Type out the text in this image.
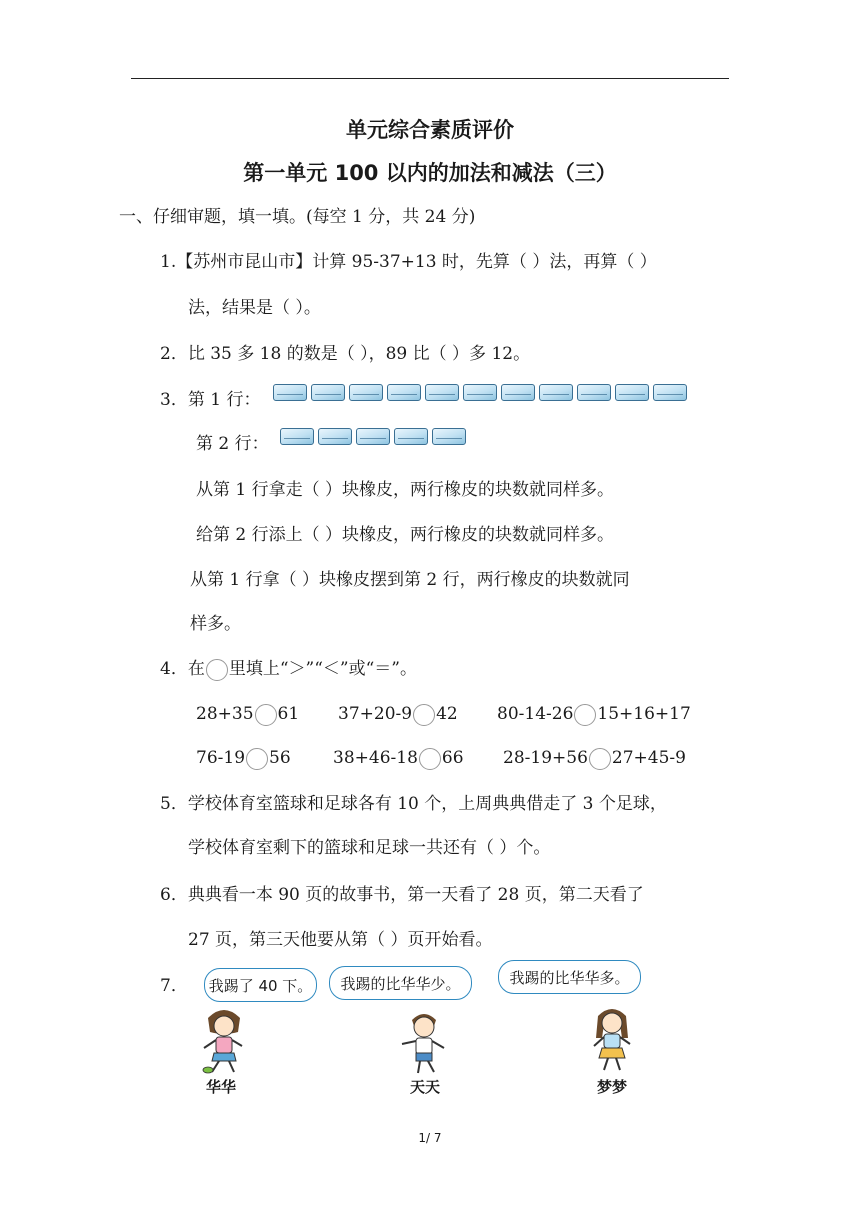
单元综合素质评价
第一单元 100 以内的加法和减法（三）
一、仔细审题，填一填。(每空 1 分，共 24 分)
1.【苏州市昆山市】计算 95-37+13 时，先算（ ）法，再算（ ）
法，结果是（ ）。
2．比 35 多 18 的数是（ ），89 比（ ）多 12。
3．第 1 行：
第 2 行：
从第 1 行拿走（ ）块橡皮，两行橡皮的块数就同样多。
给第 2 行添上（ ）块橡皮，两行橡皮的块数就同样多。
从第 1 行拿（ ）块橡皮摆到第 2 行，两行橡皮的块数就同
样多。
4．在 里填上“＞”“＜”或“＝”。
28+35 61 37+20-9 42 80-14-26 15+16+17
76-19 56 38+46-18 66 28-19+56 27+45-9
5．学校体育室篮球和足球各有 10 个，上周典典借走了 3 个足球，
学校体育室剩下的篮球和足球一共还有（ ）个。
6．典典看一本 90 页的故事书，第一天看了 28 页，第二天看了
27 页，第三天他要从第（ ）页开始看。
7．	我踢了 40 下。	我踢的比华华少。	我踢的比华华多。
华华	天天	梦梦
1/ 7
